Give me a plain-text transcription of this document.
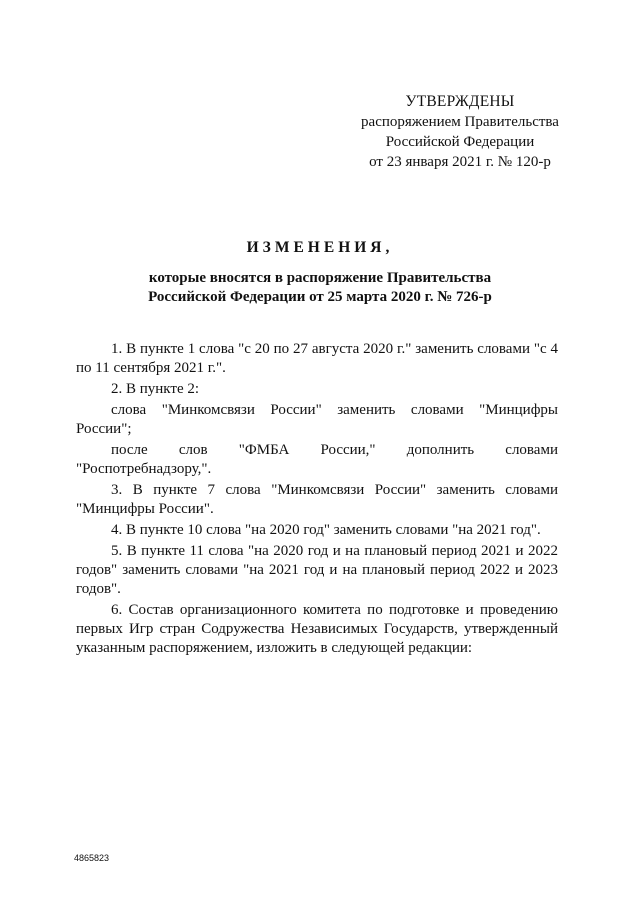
УТВЕРЖДЕНЫ
распоряжением Правительства
Российской Федерации
от 23 января 2021 г. № 120-р
ИЗМЕНЕНИЯ,
которые вносятся в распоряжение Правительства
Российской Федерации от 25 марта 2020 г. № 726-р
1. В пункте 1 слова "с 20 по 27 августа 2020 г." заменить словами "с 4 по 11 сентября 2021 г.".
2. В пункте 2:
слова "Минкомсвязи России" заменить словами "Минцифры
России";
после слов "ФМБА России," дополнить словами
"Роспотребнадзору,".
3. В пункте 7 слова "Минкомсвязи России" заменить словами "Минцифры России".
4. В пункте 10 слова "на 2020 год" заменить словами "на 2021 год".
5. В пункте 11 слова "на 2020 год и на плановый период 2021 и 2022 годов" заменить словами "на 2021 год и на плановый период 2022 и 2023 годов".
6. Состав организационного комитета по подготовке и проведению первых Игр стран Содружества Независимых Государств, утвержденный указанным распоряжением, изложить в следующей редакции:
4865823
